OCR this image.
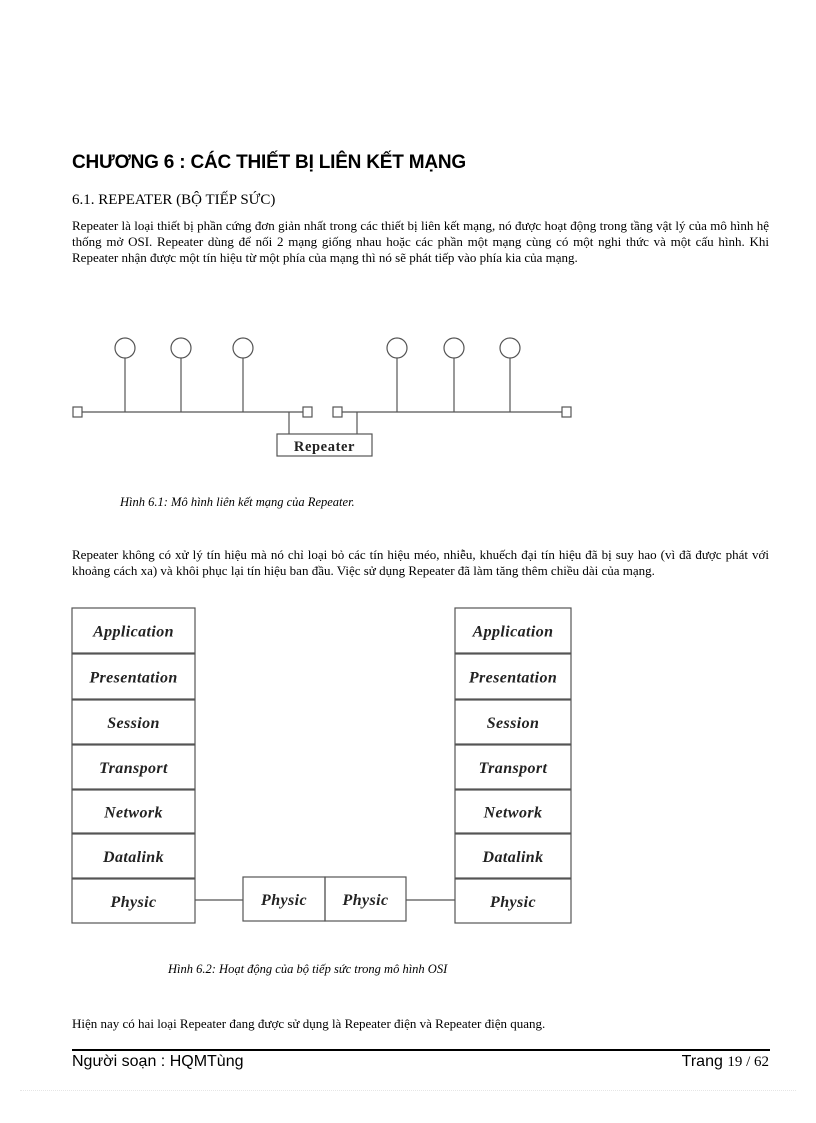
CHƯƠNG 6 : CÁC THIẾT BỊ LIÊN KẾT MẠNG
6.1. REPEATER (BỘ TIẾP SỨC)
Repeater là loại thiết bị phần cứng đơn giản nhất trong các thiết bị liên kết mạng, nó được hoạt động trong tầng vật lý của mô hình hệ thống mở OSI. Repeater dùng để nối 2 mạng giống nhau hoặc các phần một mạng cùng có một nghi thức và một cấu hình. Khi Repeater nhận được một tín hiệu từ một phía của mạng thì nó sẽ phát tiếp vào phía kia của mạng.
Repeater
Hình 6.1: Mô hình liên kết mạng của Repeater.
Repeater không có xử lý tín hiệu mà nó chỉ loại bỏ các tín hiệu méo, nhiễu, khuếch đại tín hiệu đã bị suy hao (vì đã được phát với khoảng cách xa) và khôi phục lại tín hiệu ban đầu. Việc sử dụng Repeater đã làm tăng thêm chiều dài của mạng.
Application
Presentation
Session
Transport
Network
Datalink
Physic
Application
Presentation
Session
Transport
Network
Datalink
Physic
Physic Physic
Hình 6.2: Hoạt động của bộ tiếp sức trong mô hình OSI
Hiện nay có hai loại Repeater đang được sử dụng là Repeater điện và Repeater điện quang.
Người soạn : HQMTùng	Trang 19 / 62
